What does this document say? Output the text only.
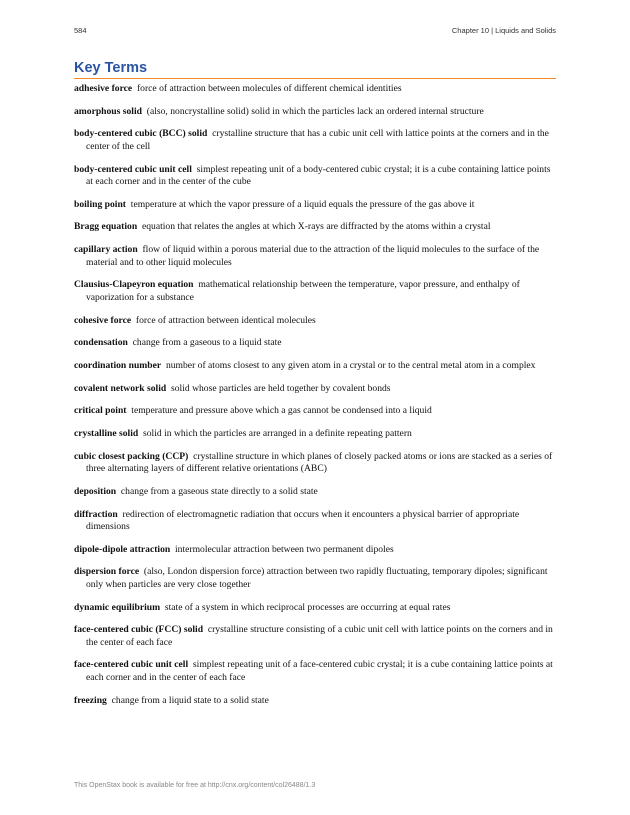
584	Chapter 10 | Liquids and Solids
Key Terms

adhesive force force of attraction between molecules of different chemical identities

amorphous solid (also, noncrystalline solid) solid in which the particles lack an ordered internal structure

body-centered cubic (BCC) solid crystalline structure that has a cubic unit cell with lattice points at the corners and in the center of the cell

body-centered cubic unit cell simplest repeating unit of a body-centered cubic crystal; it is a cube containing lattice points at each corner and in the center of the cube

boiling point temperature at which the vapor pressure of a liquid equals the pressure of the gas above it

Bragg equation equation that relates the angles at which X-rays are diffracted by the atoms within a crystal

capillary action flow of liquid within a porous material due to the attraction of the liquid molecules to the surface of the material and to other liquid molecules

Clausius-Clapeyron equation mathematical relationship between the temperature, vapor pressure, and enthalpy of vaporization for a substance

cohesive force force of attraction between identical molecules

condensation change from a gaseous to a liquid state

coordination number number of atoms closest to any given atom in a crystal or to the central metal atom in a complex

covalent network solid solid whose particles are held together by covalent bonds

critical point temperature and pressure above which a gas cannot be condensed into a liquid

crystalline solid solid in which the particles are arranged in a definite repeating pattern

cubic closest packing (CCP) crystalline structure in which planes of closely packed atoms or ions are stacked as a series of three alternating layers of different relative orientations (ABC)

deposition change from a gaseous state directly to a solid state

diffraction redirection of electromagnetic radiation that occurs when it encounters a physical barrier of appropriate dimensions

dipole-dipole attraction intermolecular attraction between two permanent dipoles

dispersion force (also, London dispersion force) attraction between two rapidly fluctuating, temporary dipoles; significant only when particles are very close together

dynamic equilibrium state of a system in which reciprocal processes are occurring at equal rates

face-centered cubic (FCC) solid crystalline structure consisting of a cubic unit cell with lattice points on the corners and in the center of each face

face-centered cubic unit cell simplest repeating unit of a face-centered cubic crystal; it is a cube containing lattice points at each corner and in the center of each face

freezing change from a liquid state to a solid state

This OpenStax book is available for free at http://cnx.org/content/col26488/1.3
